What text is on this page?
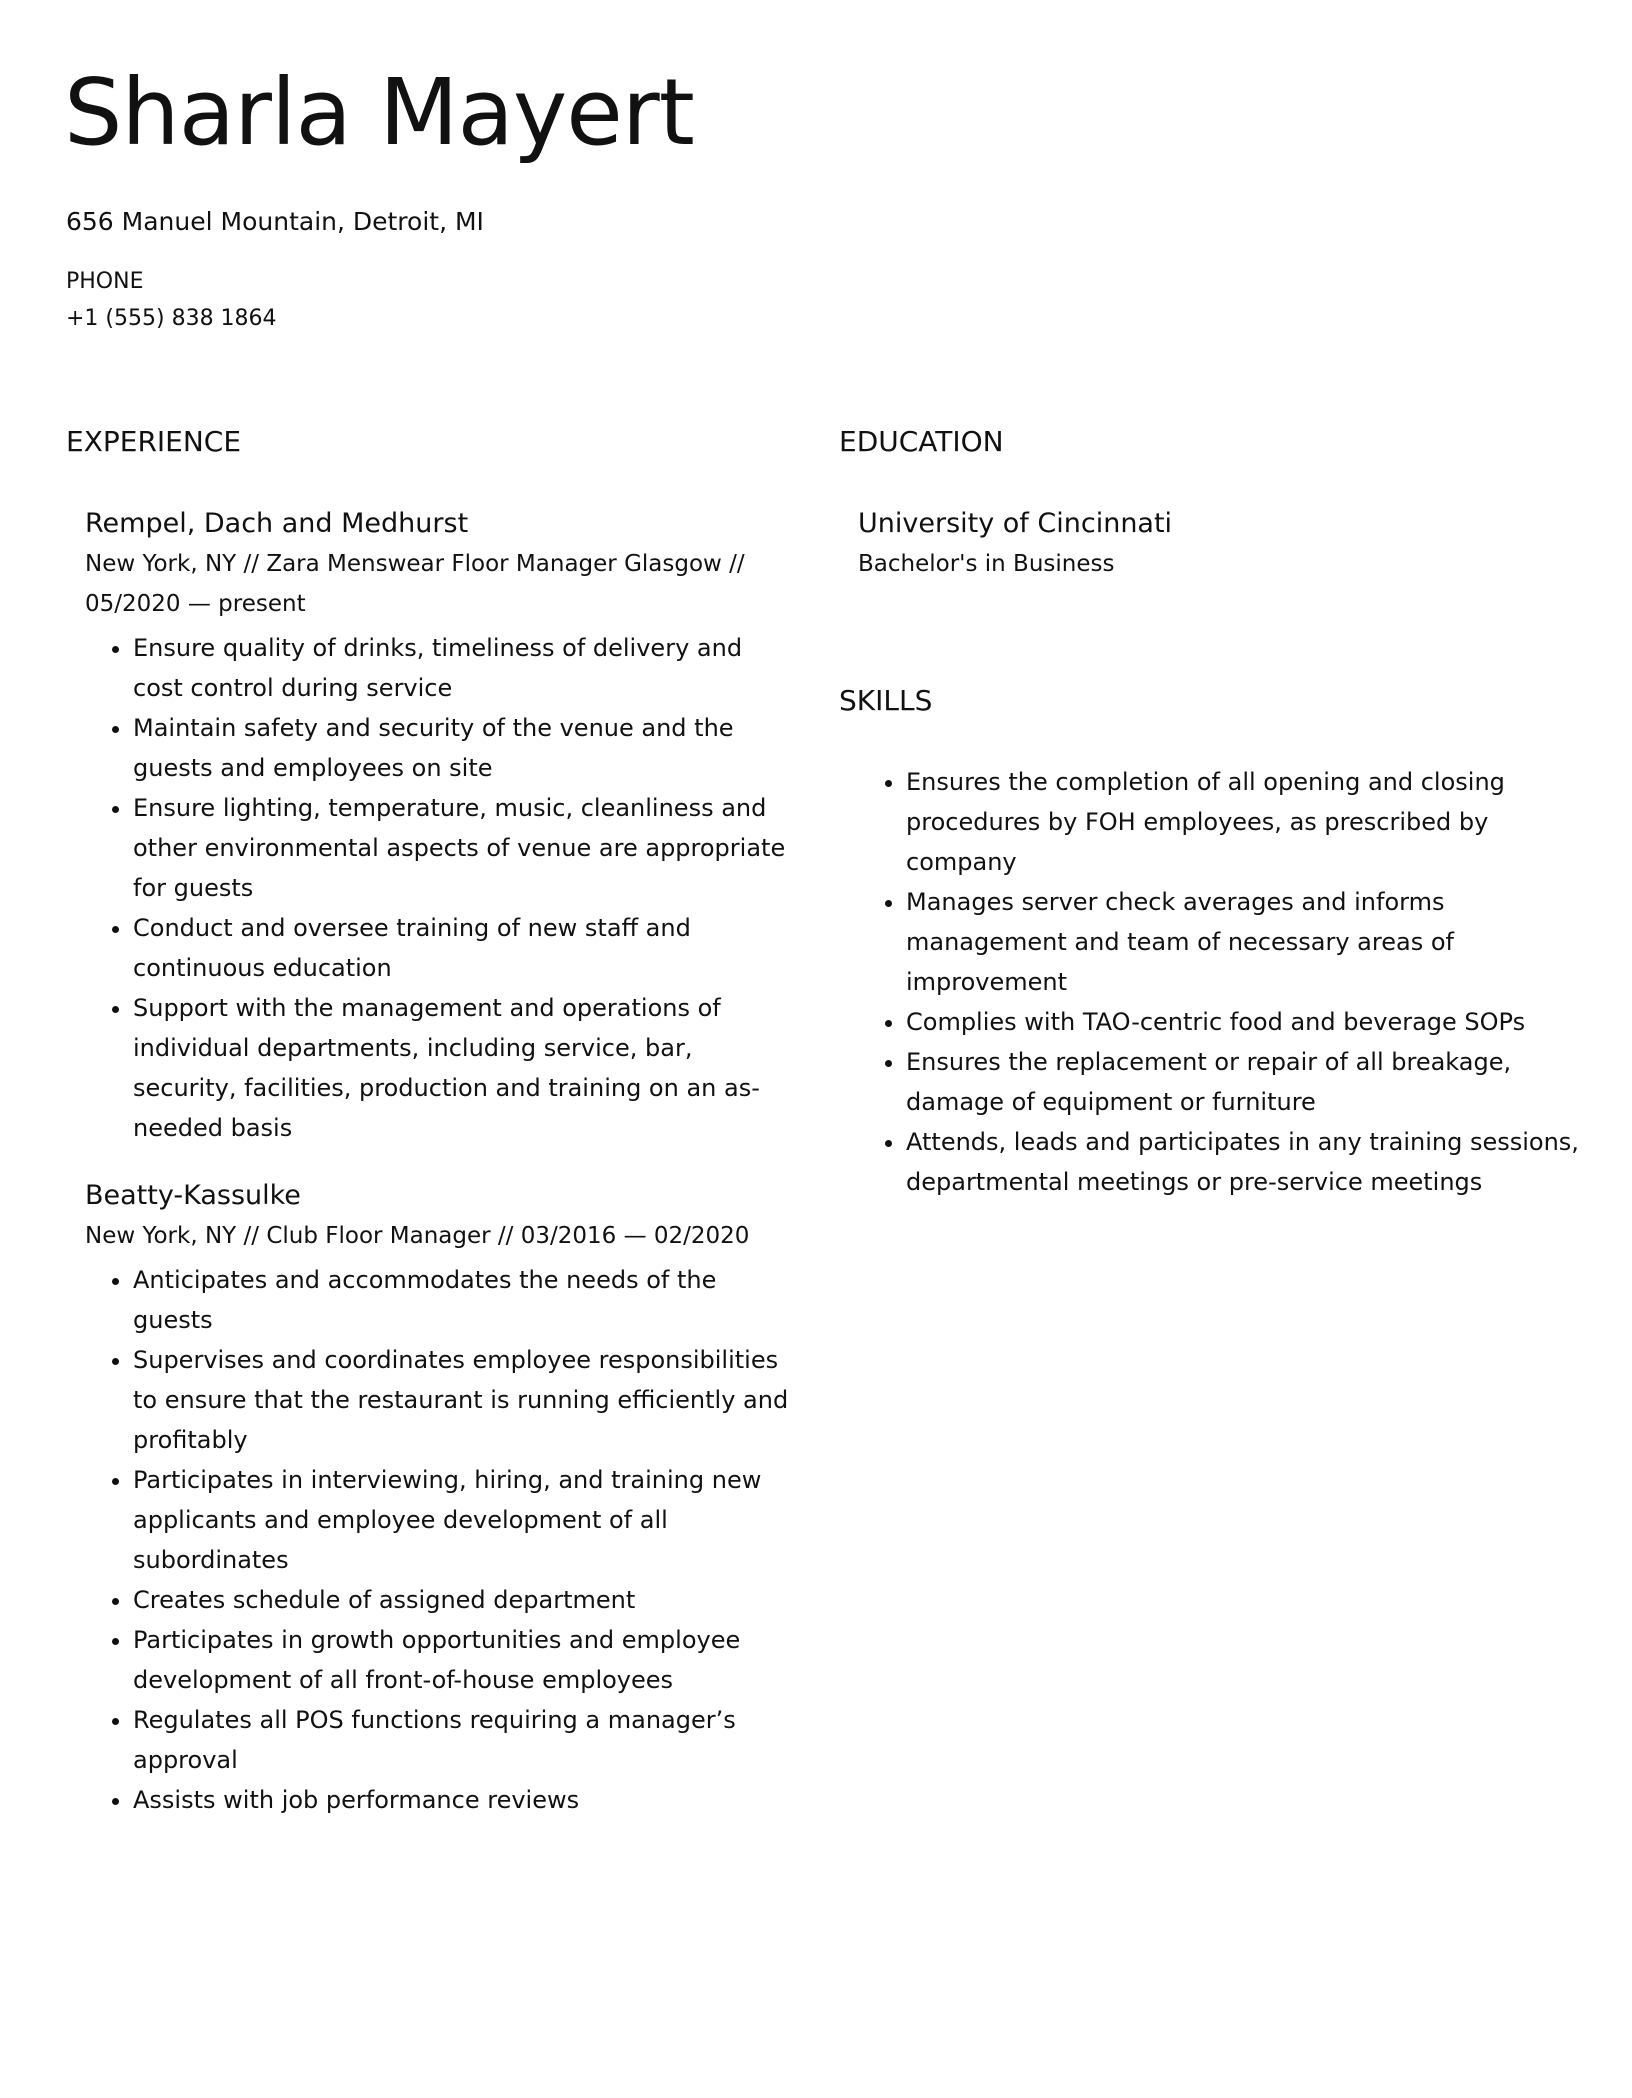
Sharla Mayert
656 Manuel Mountain, Detroit, MI
PHONE
+1 (555) 838 1864
EXPERIENCE
Rempel, Dach and Medhurst

New York, NY // Zara Menswear Floor Manager Glasgow // 05/2020 — present

• Ensure quality of drinks, timeliness of delivery and cost control during service
• Maintain safety and security of the venue and the guests and employees on site
• Ensure lighting, temperature, music, cleanliness and other environmental aspects of venue are appropriate for guests
• Conduct and oversee training of new staff and continuous education
• Support with the management and operations of individual departments, including service, bar, security, facilities, production and training on an as-needed basis
Beatty-Kassulke

New York, NY // Club Floor Manager // 03/2016 — 02/2020

• Anticipates and accommodates the needs of the guests
• Supervises and coordinates employee responsibilities to ensure that the restaurant is running efficiently and profitably
• Participates in interviewing, hiring, and training new applicants and employee development of all subordinates
• Creates schedule of assigned department
• Participates in growth opportunities and employee development of all front-of-house employees
• Regulates all POS functions requiring a manager’s approval
• Assists with job performance reviews
EDUCATION
University of Cincinnati

Bachelor's in Business

SKILLS
• Ensures the completion of all opening and closing procedures by FOH employees, as prescribed by company
• Manages server check averages and informs management and team of necessary areas of improvement
• Complies with TAO-centric food and beverage SOPs
• Ensures the replacement or repair of all breakage, damage of equipment or furniture
• Attends, leads and participates in any training sessions, departmental meetings or pre-service meetings
